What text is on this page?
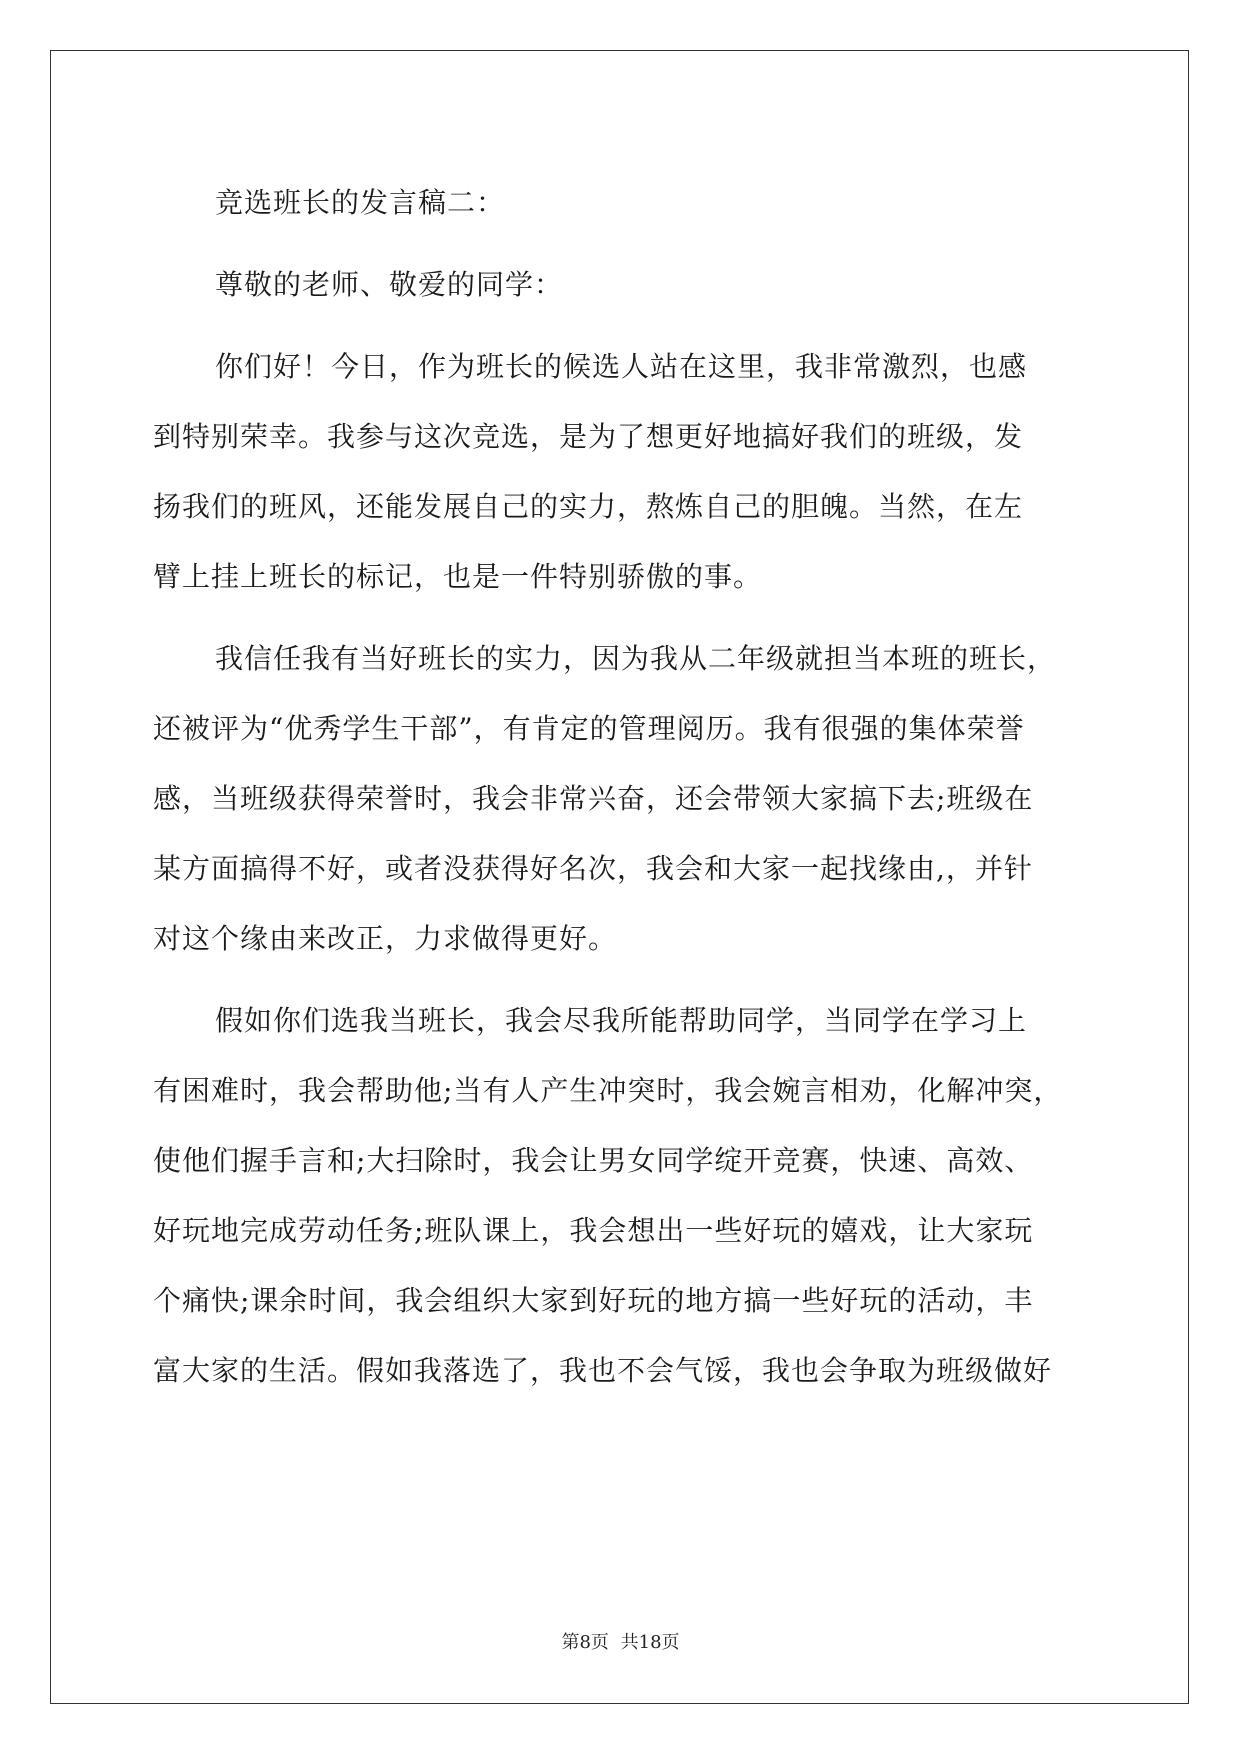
竞选班长的发言稿二：
尊敬的老师、敬爱的同学：
你们好！今日，作为班长的候选人站在这里，我非常激烈，也感
到特别荣幸。我参与这次竞选，是为了想更好地搞好我们的班级，发
扬我们的班风，还能发展自己的实力，熬炼自己的胆魄。当然，在左
臂上挂上班长的标记，也是一件特别骄傲的事。
我信任我有当好班长的实力，因为我从二年级就担当本班的班长，
还被评为“优秀学生干部”，有肯定的管理阅历。我有很强的集体荣誉
感，当班级获得荣誉时，我会非常兴奋，还会带领大家搞下去;班级在
某方面搞得不好，或者没获得好名次，我会和大家一起找缘由,，并针
对这个缘由来改正，力求做得更好。
假如你们选我当班长，我会尽我所能帮助同学，当同学在学习上
有困难时，我会帮助他;当有人产生冲突时，我会婉言相劝，化解冲突，
使他们握手言和;大扫除时，我会让男女同学绽开竞赛，快速、高效、
好玩地完成劳动任务;班队课上，我会想出一些好玩的嬉戏，让大家玩
个痛快;课余时间，我会组织大家到好玩的地方搞一些好玩的活动，丰
富大家的生活。假如我落选了，我也不会气馁，我也会争取为班级做好
第8页 共18页
